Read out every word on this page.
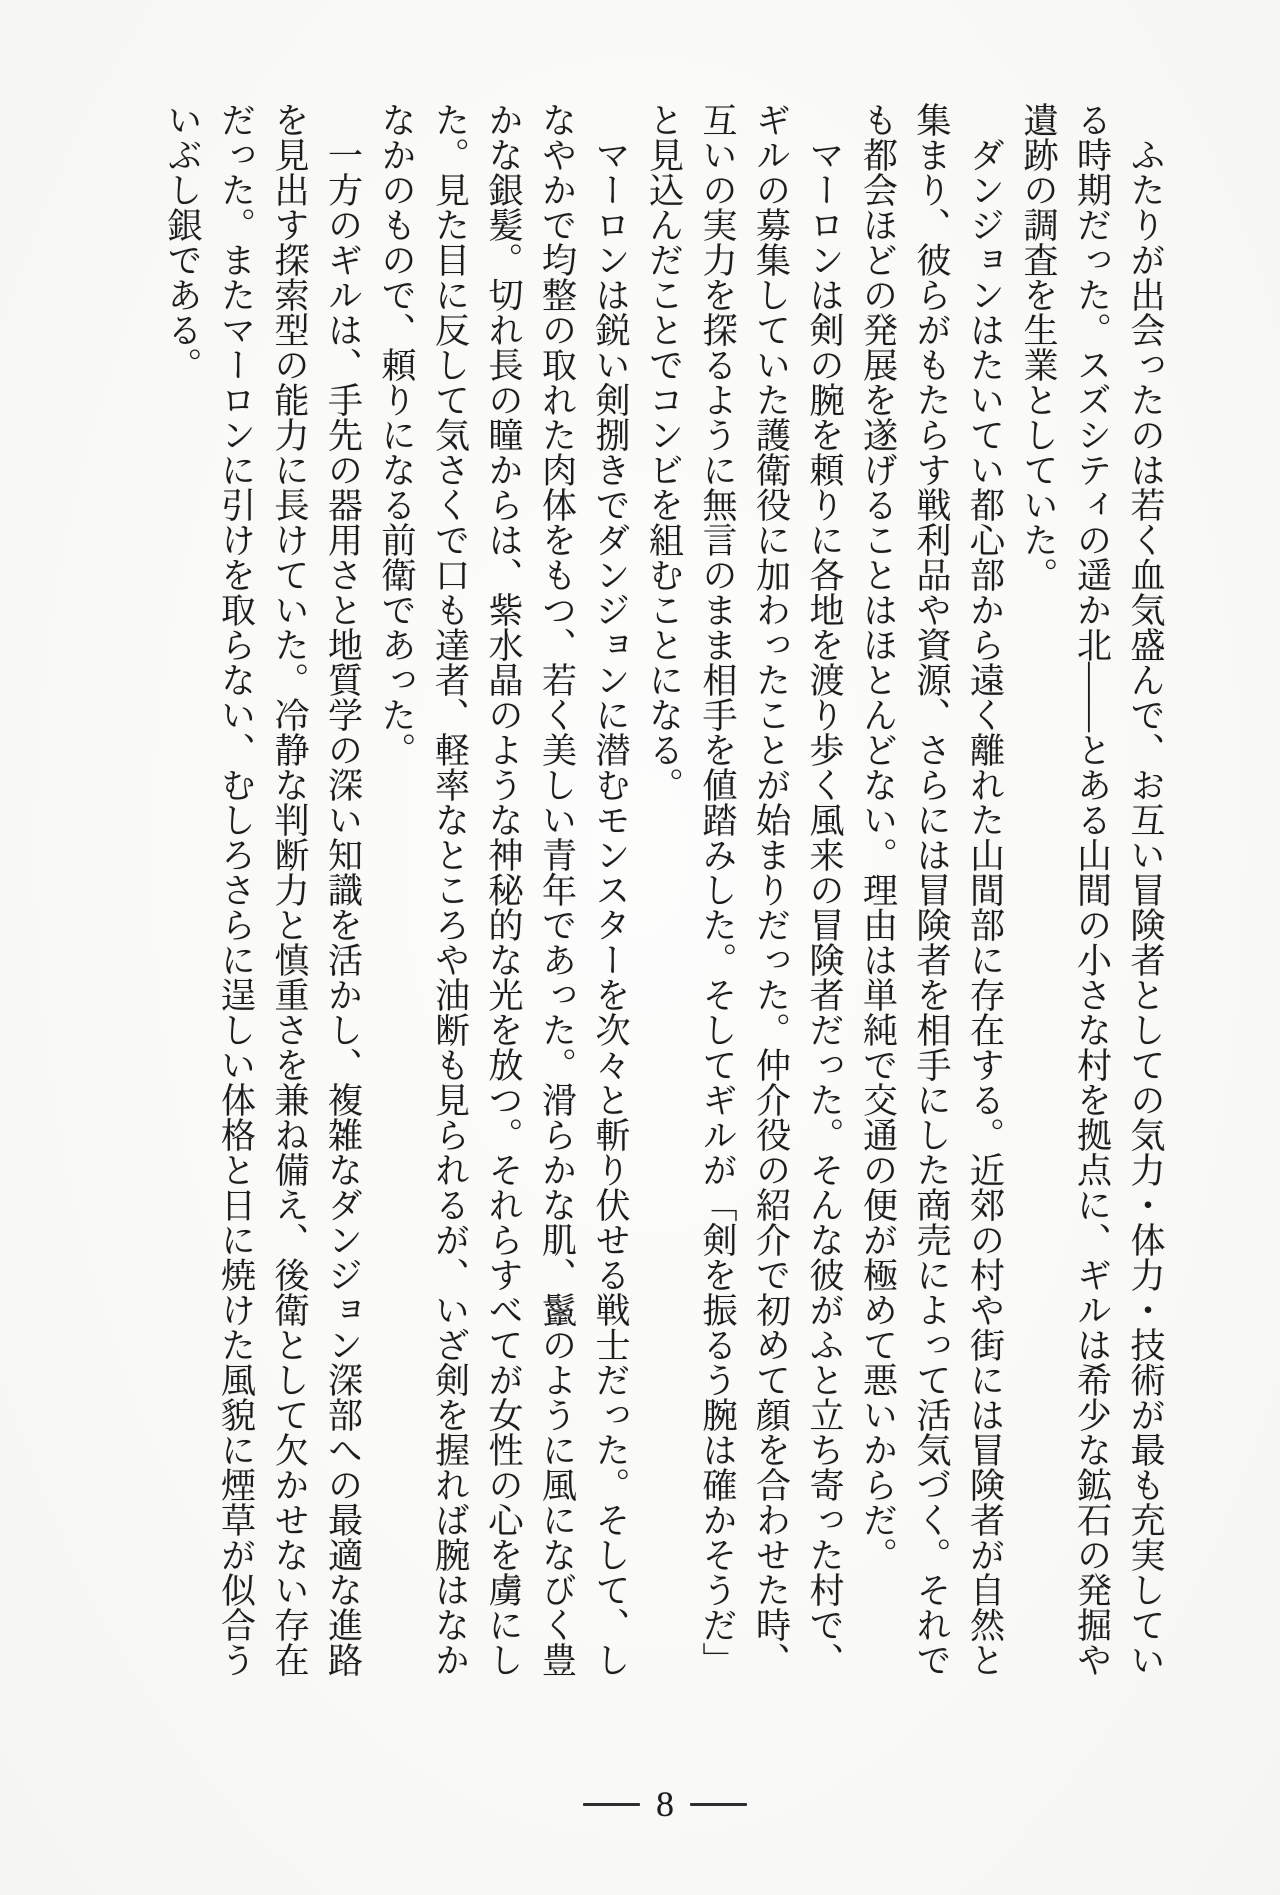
ふたりが出会ったのは若く血気盛んで、お互い冒険者としての気力・体力・技術が最も充実している時期だった。スズシティの遥か北——とある山間の小さな村を拠点に、ギルは希少な鉱石の発掘や遺跡の調査を生業としていた。

ダンジョンはたいてい都心部から遠く離れた山間部に存在する。近郊の村や街には冒険者が自然と集まり、彼らがもたらす戦利品や資源、さらには冒険者を相手にした商売によって活気づく。それでも都会ほどの発展を遂げることはほとんどない。理由は単純で交通の便が極めて悪いからだ。

マーロンは剣の腕を頼りに各地を渡り歩く風来の冒険者だった。そんな彼がふと立ち寄った村で、ギルの募集していた護衛役に加わったことが始まりだった。仲介役の紹介で初めて顔を合わせた時、互いの実力を探るように無言のまま相手を値踏みした。そしてギルが「剣を振るう腕は確かそうだ」と見込んだことでコンビを組むことになる。

マーロンは鋭い剣捌きでダンジョンに潜むモンスターを次々と斬り伏せる戦士だった。そして、しなやかで均整の取れた肉体をもつ、若く美しい青年であった。滑らかな肌、鬣のように風になびく豊かな銀髪。切れ長の瞳からは、紫水晶のような神秘的な光を放つ。それらすべてが女性の心を虜にした。見た目に反して気さくで口も達者、軽率なところや油断も見られるが、いざ剣を握れば腕はなかなかのもので、頼りになる前衛であった。

一方のギルは、手先の器用さと地質学の深い知識を活かし、複雑なダンジョン深部への最適な進路を見出す探索型の能力に長けていた。冷静な判断力と慎重さを兼ね備え、後衛として欠かせない存在だった。またマーロンに引けを取らない、むしろさらに逞しい体格と日に焼けた風貌に煙草が似合ういぶし銀である。

8
